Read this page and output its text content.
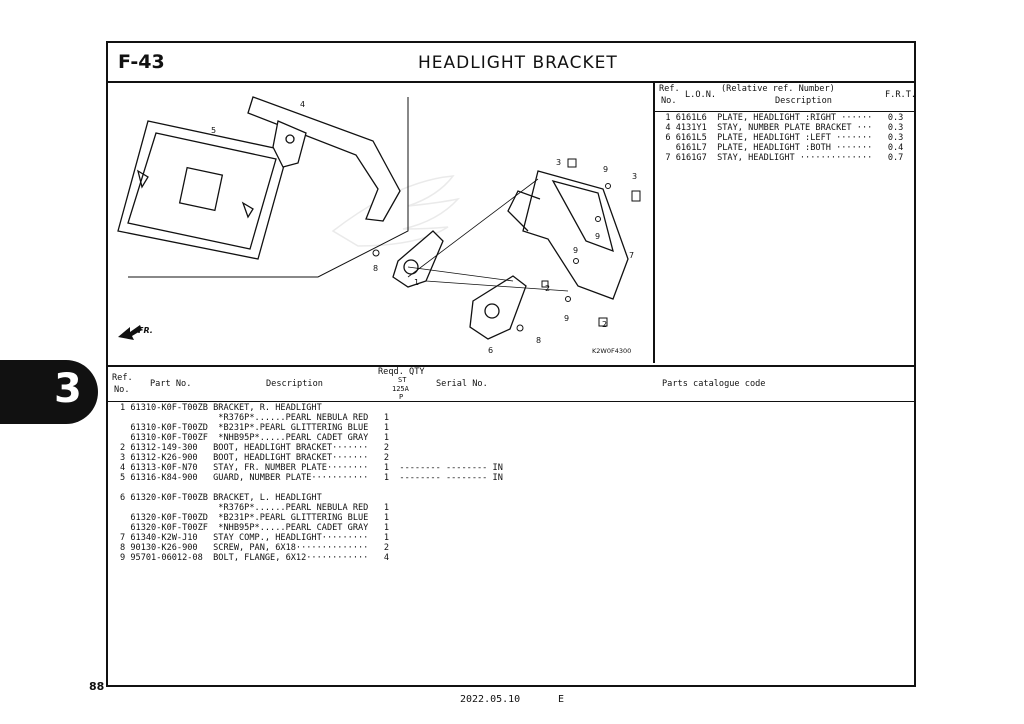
3
88
F-43	HEADLIGHT BRACKET
FR.
1
2
2
3
3
4
5
6
7
8
8
9
9
9
9
K2W0F4300
Ref.
No.
L.O.N.
(Relative ref. Number)
Description
F.R.T.
1 6161L6  PLATE, HEADLIGHT :RIGHT ······   0.3
4 4131Y1  STAY, NUMBER PLATE BRACKET ···   0.3
6 6161L5  PLATE, HEADLIGHT :LEFT ·······   0.3
6161L7  PLATE, HEADLIGHT :BOTH ·······   0.4
7 6161G7  STAY, HEADLIGHT ··············   0.7
Ref.
No.
Part No.	Description
Reqd. QTY
ST
125A
P
Serial No.	Parts catalogue code
1 61310-K0F-T00ZB BRACKET, R. HEADLIGHT
*R376P*......PEARL NEBULA RED   1
61310-K0F-T00ZD  *B231P*.PEARL GLITTERING BLUE   1
61310-K0F-T00ZF  *NHB95P*.....PEARL CADET GRAY   1
2 61312-149-300   BOOT, HEADLIGHT BRACKET·······   2
3 61312-K26-900   BOOT, HEADLIGHT BRACKET·······   2
4 61313-K0F-N70   STAY, FR. NUMBER PLATE········   1  -------- -------- IN
5 61316-K84-900   GUARD, NUMBER PLATE···········   1  -------- -------- IN
6 61320-K0F-T00ZB BRACKET, L. HEADLIGHT
*R376P*......PEARL NEBULA RED   1
61320-K0F-T00ZD  *B231P*.PEARL GLITTERING BLUE   1
61320-K0F-T00ZF  *NHB95P*.....PEARL CADET GRAY   1
7 61340-K2W-J10   STAY COMP., HEADLIGHT·········   1
8 90130-K26-900   SCREW, PAN, 6X18··············   2
9 95701-06012-08  BOLT, FLANGE, 6X12············   4
2022.05.10	E
